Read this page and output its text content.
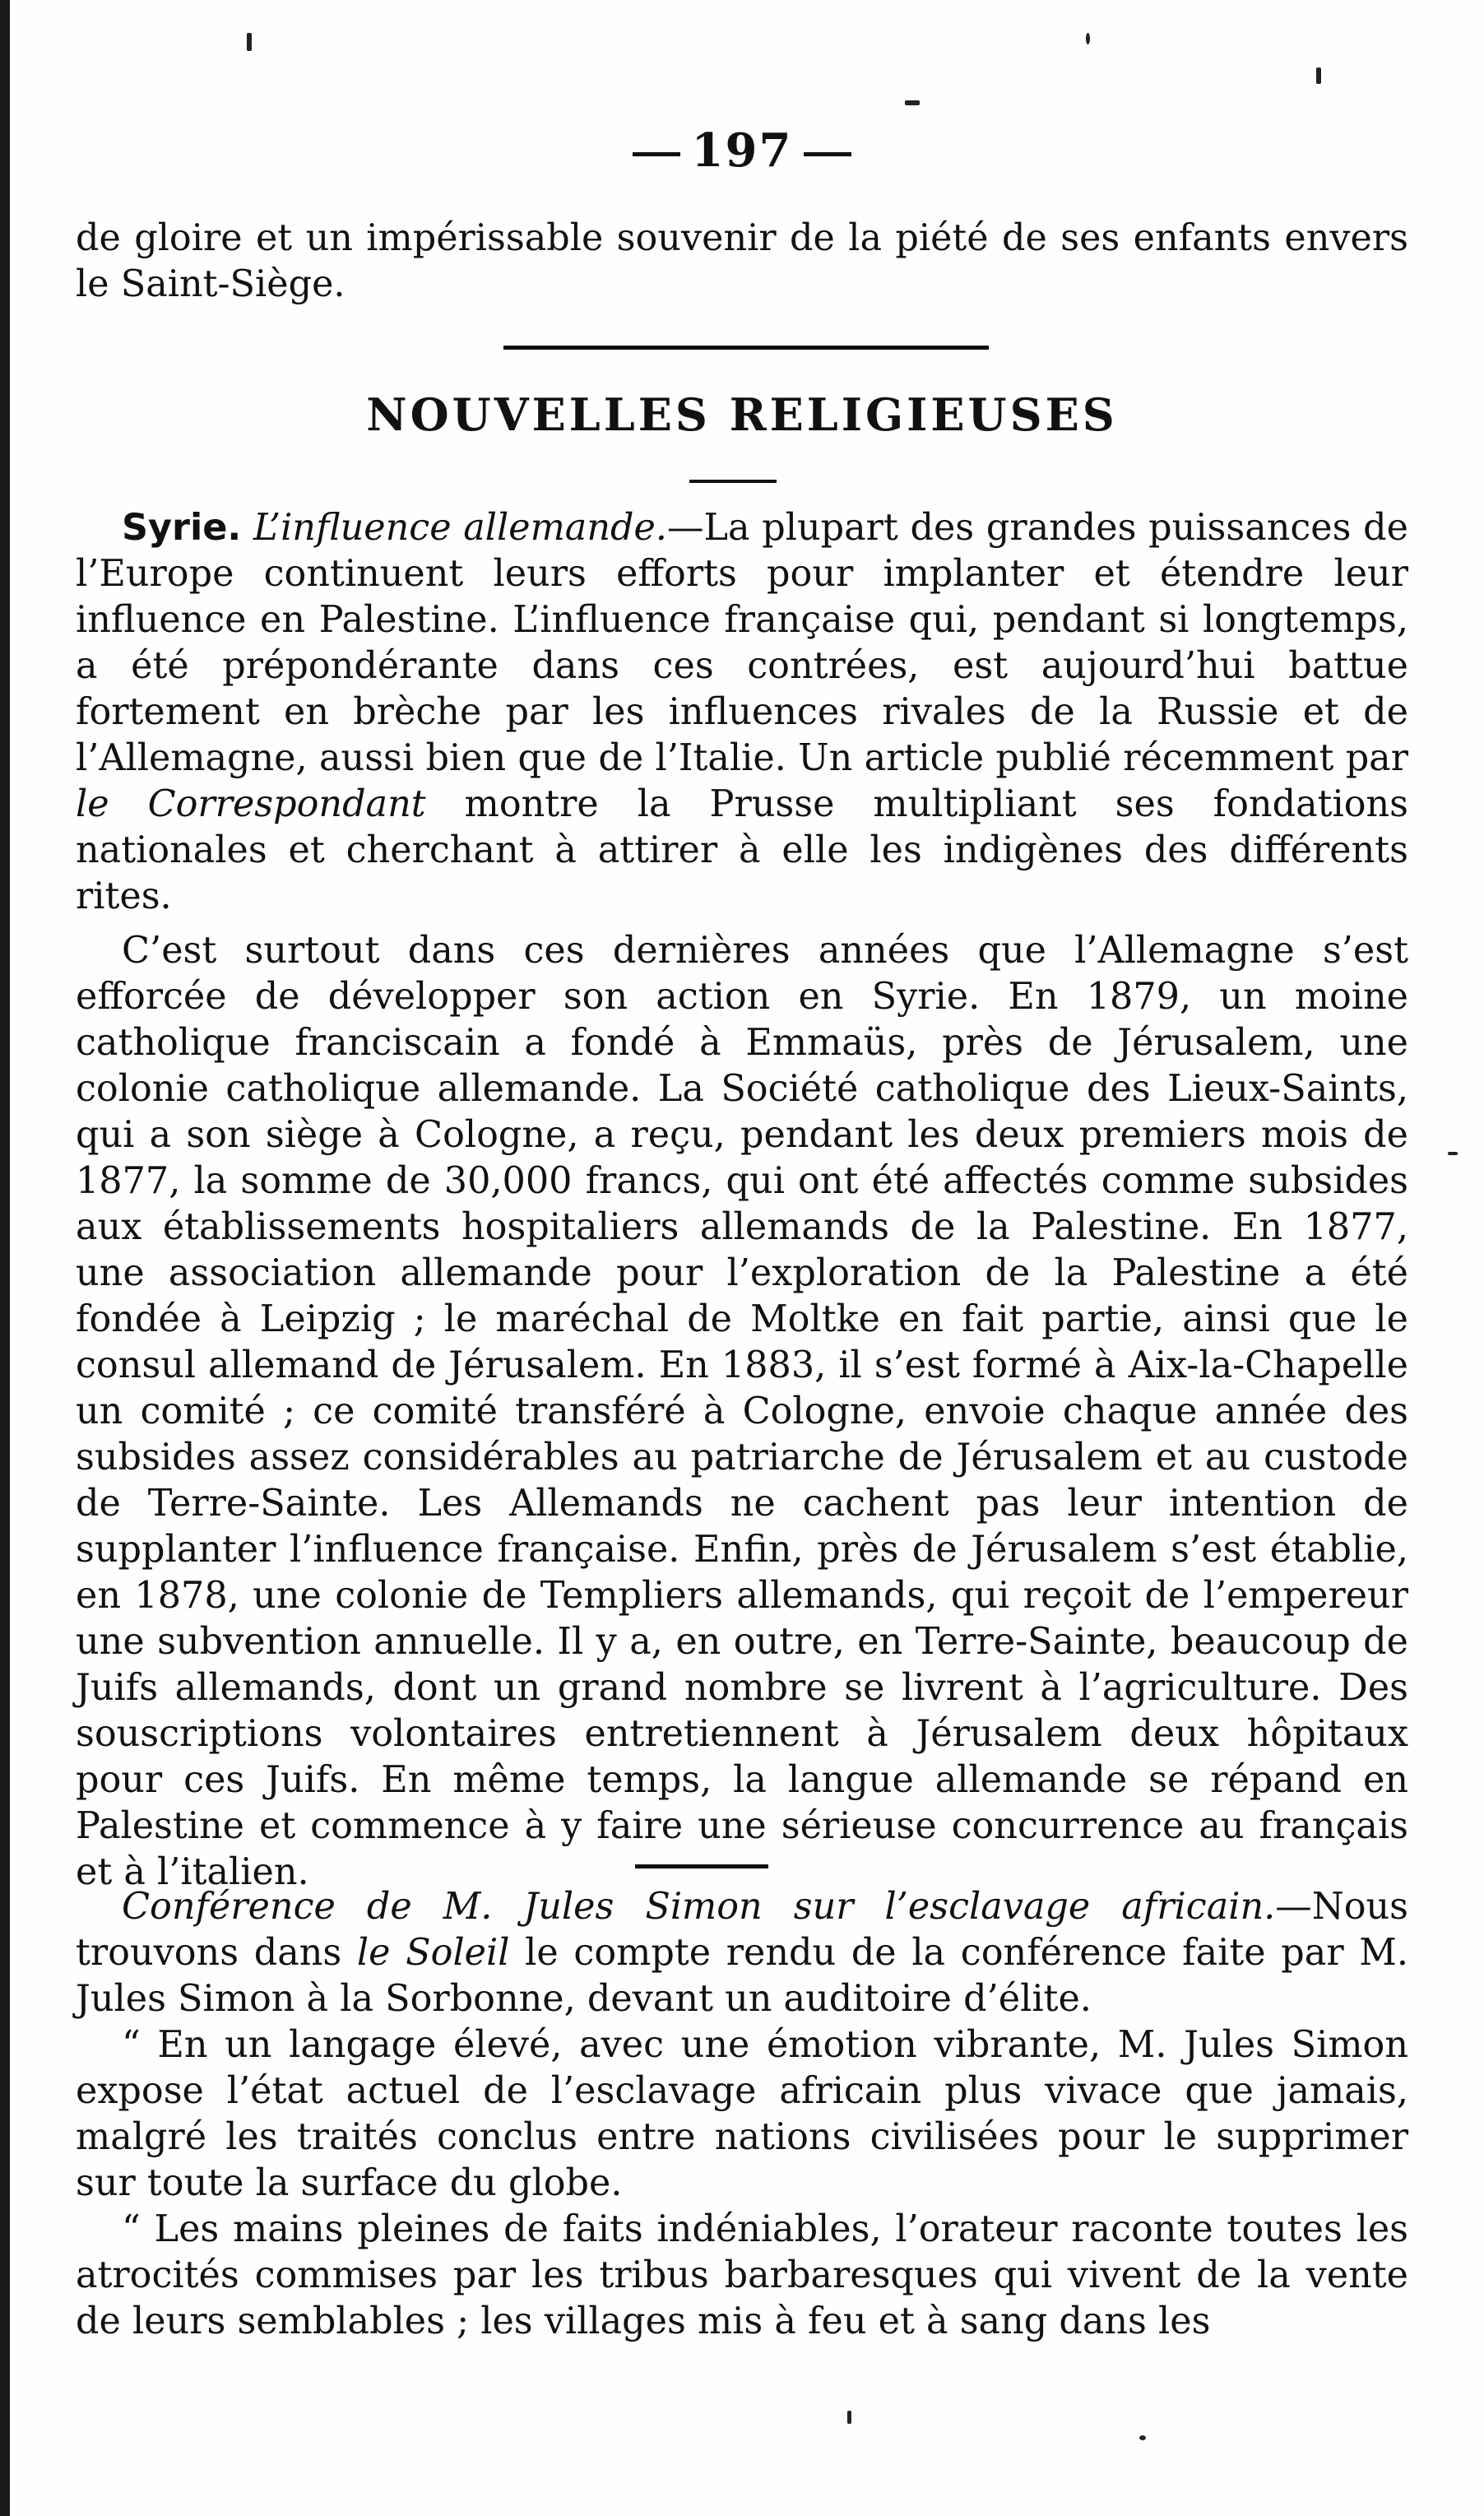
197

de gloire et un impérissable souvenir de la piété de ses enfants envers le Saint-Siège.

NOUVELLES RELIGIEUSES

Syrie. L’influence allemande.—La plupart des grandes puissances de l’Europe continuent leurs efforts pour implanter et étendre leur influence en Palestine. L’influence française qui, pendant si longtemps, a été prépondérante dans ces contrées, est aujourd’hui battue fortement en brèche par les influences rivales de la Russie et de l’Allemagne, aussi bien que de l’Italie. Un article publié récemment par le Correspondant montre la Prusse multipliant ses fondations nationales et cherchant à attirer à elle les indigènes des différents rites.

C’est surtout dans ces dernières années que l’Allemagne s’est efforcée de développer son action en Syrie. En 1879, un moine catholique franciscain a fondé à Emmaüs, près de Jérusalem, une colonie catholique allemande. La Société catholique des Lieux-Saints, qui a son siège à Cologne, a reçu, pendant les deux premiers mois de 1877, la somme de 30,000 francs, qui ont été affectés comme subsides aux établissements hospitaliers allemands de la Palestine. En 1877, une association allemande pour l’exploration de la Palestine a été fondée à Leipzig ; le maréchal de Moltke en fait partie, ainsi que le consul allemand de Jérusalem. En 1883, il s’est formé à Aix-la-Chapelle un comité ; ce comité transféré à Cologne, envoie chaque année des subsides assez considérables au patriarche de Jérusalem et au custode de Terre-Sainte. Les Allemands ne cachent pas leur intention de supplanter l’influence française. Enfin, près de Jérusalem s’est établie, en 1878, une colonie de Templiers allemands, qui reçoit de l’empereur une subvention annuelle. Il y a, en outre, en Terre-Sainte, beaucoup de Juifs allemands, dont un grand nombre se livrent à l’agriculture. Des souscriptions volontaires entretiennent à Jérusalem deux hôpitaux pour ces Juifs. En même temps, la langue allemande se répand en Palestine et commence à y faire une sérieuse concurrence au français et à l’italien.

Conférence de M. Jules Simon sur l’esclavage africain.—Nous trouvons dans le Soleil le compte rendu de la conférence faite par M. Jules Simon à la Sorbonne, devant un auditoire d’élite.

“ En un langage élevé, avec une émotion vibrante, M. Jules Simon expose l’état actuel de l’esclavage africain plus vivace que jamais, malgré les traités conclus entre nations civilisées pour le supprimer sur toute la surface du globe.

“ Les mains pleines de faits indéniables, l’orateur raconte toutes les atrocités commises par les tribus barbaresques qui vivent de la vente de leurs semblables ; les villages mis à feu et à sang dans les
